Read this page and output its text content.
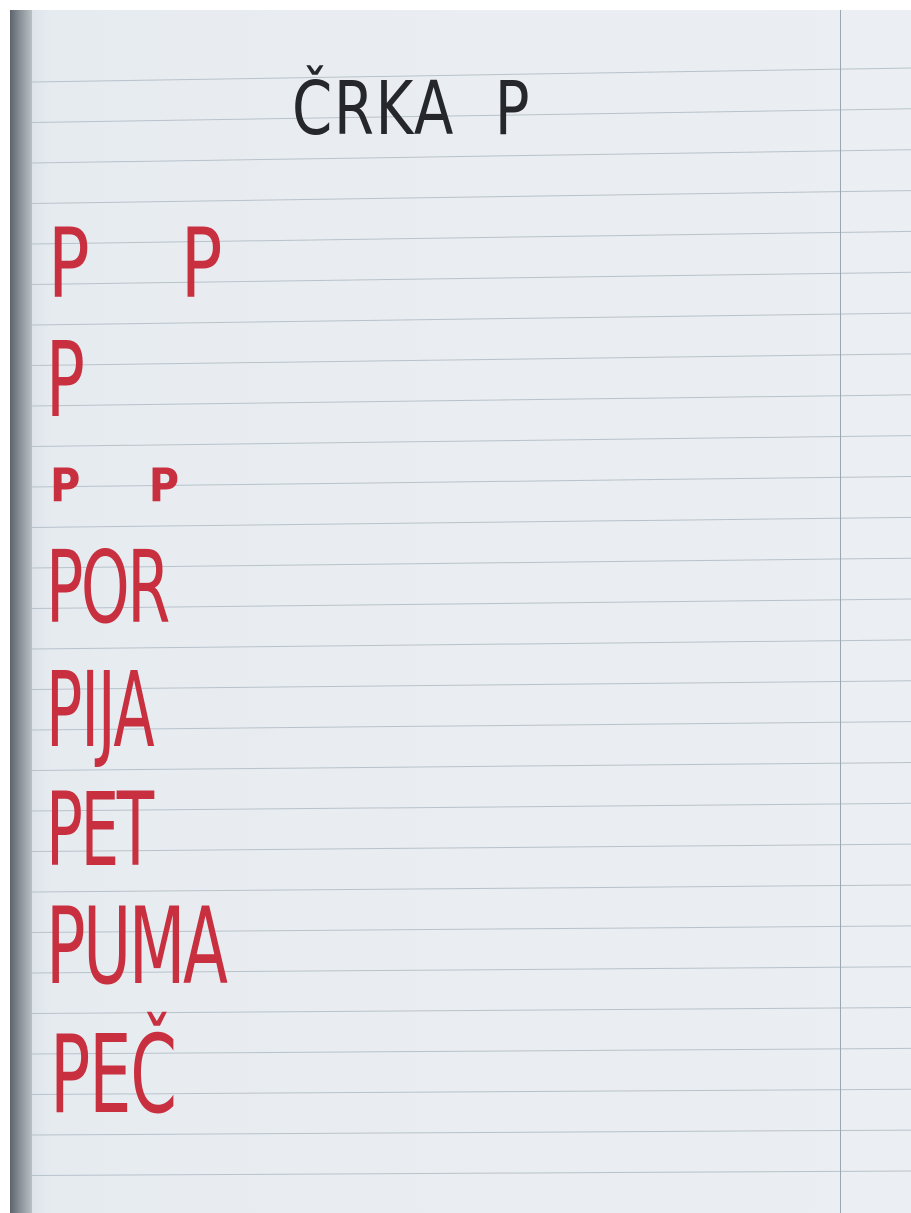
ČRKA  P
P P
P
P P
POR
PIJA
PET
PUMA
PEČ
